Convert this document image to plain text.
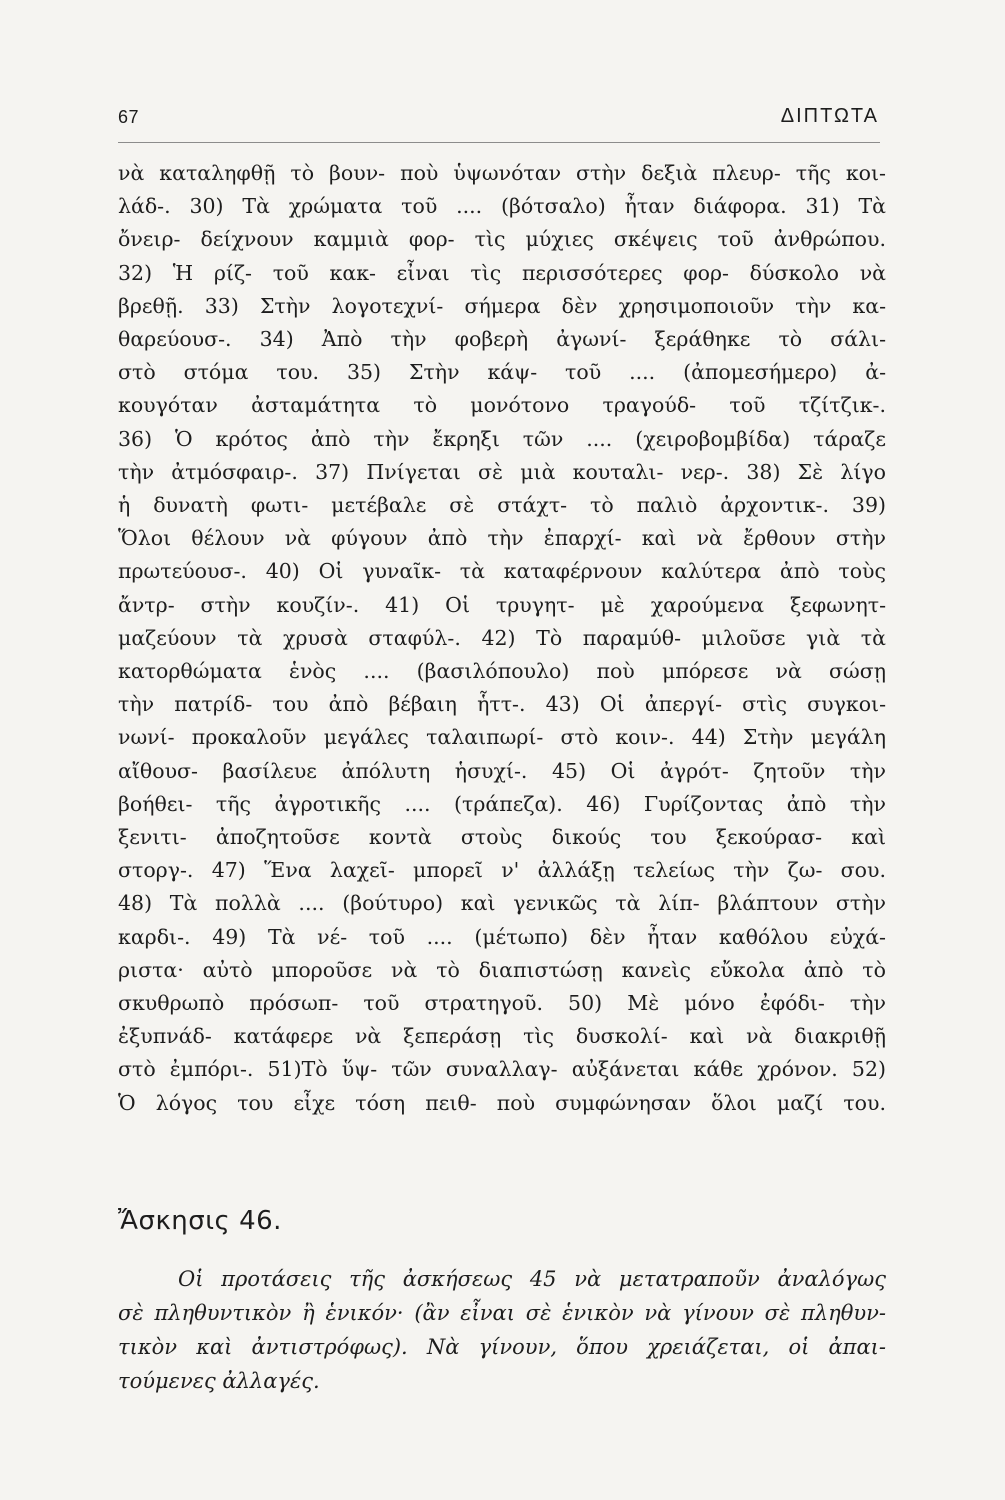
67	ΔΙΠΤΩΤΑ
νὰ καταληφθῇ τὸ βουν- ποὺ ὑψωνόταν στὴν δεξιὰ πλευρ- τῆς κοι-
λάδ-. 30) Τὰ χρώματα τοῦ .... (βότσαλο) ἦταν διάφορα. 31) Τὰ
ὄνειρ- δείχνουν καμμιὰ φορ- τὶς μύχιες σκέψεις τοῦ ἀνθρώπου.
32) Ἡ ρίζ- τοῦ κακ- εἶναι τὶς περισσότερες φορ- δύσκολο νὰ
βρεθῇ. 33) Στὴν λογοτεχνί- σήμερα δὲν χρησιμοποιοῦν τὴν κα-
θαρεύουσ-. 34) Ἀπὸ τὴν φοβερὴ ἀγωνί- ξεράθηκε τὸ σάλι-
στὸ στόμα του. 35) Στὴν κάψ- τοῦ .... (ἀπομεσήμερο) ἀ-
κουγόταν ἀσταμάτητα τὸ μονότονο τραγούδ- τοῦ τζίτζικ-.
36) Ὁ κρότος ἀπὸ τὴν ἔκρηξι τῶν .... (χειροβομβίδα) τάραζε
τὴν ἀτμόσφαιρ-. 37) Πνίγεται σὲ μιὰ κουταλι- νερ-. 38) Σὲ λίγο
ἡ δυνατὴ φωτι- μετέβαλε σὲ στάχτ- τὸ παλιὸ ἀρχοντικ-. 39)
Ὅλοι θέλουν νὰ φύγουν ἀπὸ τὴν ἐπαρχί- καὶ νὰ ἔρθουν στὴν
πρωτεύουσ-. 40) Οἱ γυναῖκ- τὰ καταφέρνουν καλύτερα ἀπὸ τοὺς
ἄντρ- στὴν κουζίν-. 41) Οἱ τρυγητ- μὲ χαρούμενα ξεφωνητ-
μαζεύουν τὰ χρυσὰ σταφύλ-. 42) Τὸ παραμύθ- μιλοῦσε γιὰ τὰ
κατορθώματα ἑνὸς .... (βασιλόπουλο) ποὺ μπόρεσε νὰ σώσῃ
τὴν πατρίδ- του ἀπὸ βέβαιη ἧττ-. 43) Οἱ ἀπεργί- στὶς συγκοι-
νωνί- προκαλοῦν μεγάλες ταλαιπωρί- στὸ κοιν-. 44) Στὴν μεγάλη
αἴθουσ- βασίλευε ἀπόλυτη ἡσυχί-. 45) Οἱ ἀγρότ- ζητοῦν τὴν
βοήθει- τῆς ἀγροτικῆς .... (τράπεζα). 46) Γυρίζοντας ἀπὸ τὴν
ξενιτι- ἀποζητοῦσε κοντὰ στοὺς δικούς του ξεκούρασ- καὶ
στοργ-. 47) Ἕνα λαχεῖ- μπορεῖ ν' ἀλλάξῃ τελείως τὴν ζω- σου.
48) Τὰ πολλὰ .... (βούτυρο) καὶ γενικῶς τὰ λίπ- βλάπτουν στὴν
καρδι-. 49) Τὰ νέ- τοῦ .... (μέτωπο) δὲν ἦταν καθόλου εὐχά-
ριστα· αὐτὸ μποροῦσε νὰ τὸ διαπιστώσῃ κανεὶς εὔκολα ἀπὸ τὸ
σκυθρωπὸ πρόσωπ- τοῦ στρατηγοῦ. 50) Μὲ μόνο ἐφόδι- τὴν
ἐξυπνάδ- κατάφερε νὰ ξεπεράσῃ τὶς δυσκολί- καὶ νὰ διακριθῇ
στὸ ἐμπόρι-. 51)Τὸ ὕψ- τῶν συναλλαγ- αὐξάνεται κάθε χρόνον. 52)
Ὁ λόγος του εἶχε τόση πειθ- ποὺ συμφώνησαν ὅλοι μαζί του.
Ἄσκησις 46.
Οἱ προτάσεις τῆς ἀσκήσεως 45 νὰ μετατραποῦν ἀναλόγως
σὲ πληθυντικὸν ἢ ἑνικόν· (ἂν εἶναι σὲ ἑνικὸν νὰ γίνουν σὲ πληθυν-
τικὸν καὶ ἀντιστρόφως). Νὰ γίνουν, ὅπου χρειάζεται, οἱ ἀπαι-
τούμενες ἀλλαγές.
